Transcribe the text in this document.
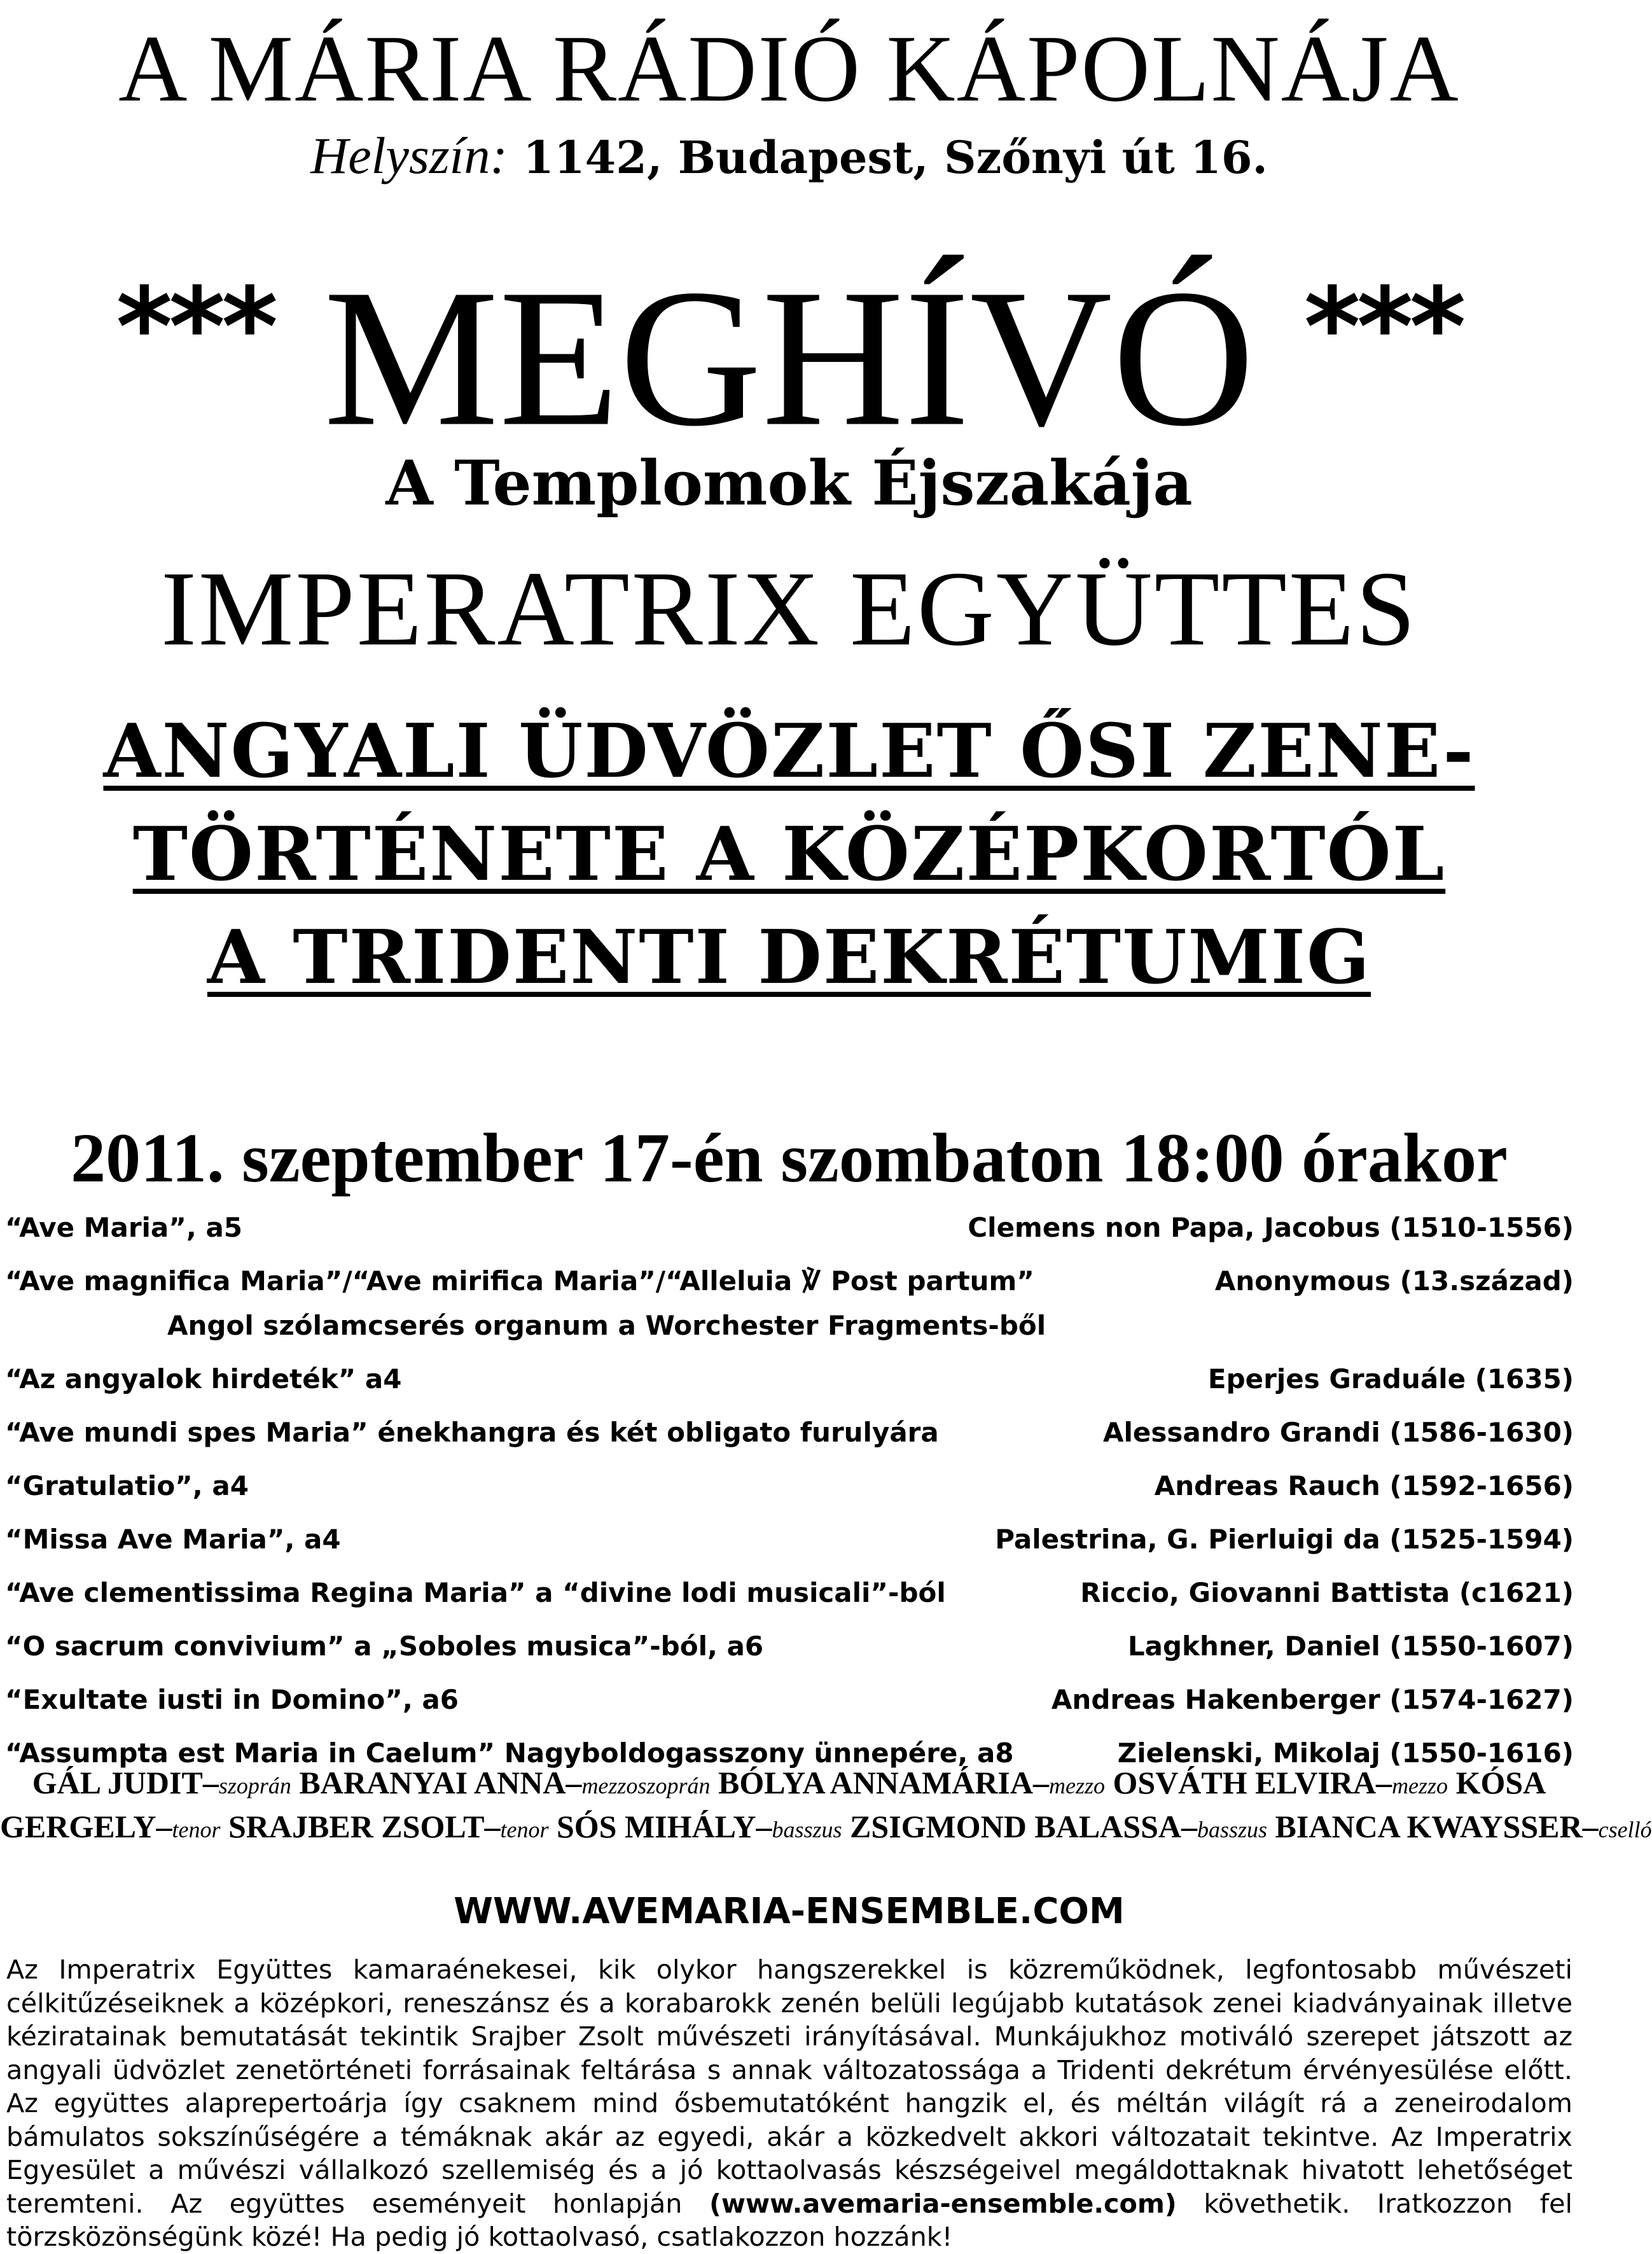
A MÁRIA RÁDIÓ KÁPOLNÁJA
Helyszín: 1142, Budapest, Szőnyi út 16.
*** MEGHÍVÓ ***
A Templomok Éjszakája
IMPERATRIX EGYÜTTES
ANGYALI ÜDVÖZLET ŐSI ZENE-
TÖRTÉNETE A KÖZÉPKORTÓL
A TRIDENTI DEKRÉTUMIG
2011. szeptember 17-én szombaton 18:00 órakor
“Ave Maria”, a5	Clemens non Papa, Jacobus (1510-1556)
“Ave magnifica Maria”/“Ave mirifica Maria”/“Alleluia ℣ Post partum”	Anonymous (13.század)
Angol szólamcserés organum a Worchester Fragments-ből
“Az angyalok hirdeték” a4	Eperjes Graduále (1635)
“Ave mundi spes Maria” énekhangra és két obligato furulyára	Alessandro Grandi (1586-1630)
“Gratulatio”, a4	Andreas Rauch (1592-1656)
“Missa Ave Maria”, a4	Palestrina, G. Pierluigi da (1525-1594)
“Ave clementissima Regina Maria” a “divine lodi musicali”-ból	Riccio, Giovanni Battista (c1621)
“O sacrum convivium” a „Soboles musica”-ból, a6	Lagkhner, Daniel (1550-1607)
“Exultate iusti in Domino”, a6	Andreas Hakenberger (1574-1627)
“Assumpta est Maria in Caelum” Nagyboldogasszony ünnepére, a8	Zielenski, Mikolaj (1550-1616)
GÁL JUDIT–szoprán BARANYAI ANNA–mezzoszoprán BÓLYA ANNAMÁRIA–mezzo OSVÁTH ELVIRA–mezzo KÓSA
GERGELY–tenor SRAJBER ZSOLT–tenor SÓS MIHÁLY–basszus ZSIGMOND BALASSA–basszus BIANCA KWAYSSER–cselló
WWW.AVEMARIA-ENSEMBLE.COM

Az Imperatrix Együttes kamaraénekesei, kik olykor hangszerekkel is közreműködnek, legfontosabb művészeti célkitűzéseiknek a középkori, reneszánsz és a korabarokk zenén belüli legújabb kutatások zenei kiadványainak illetve kéziratainak bemutatását tekintik Srajber Zsolt művészeti irányításával. Munkájukhoz motiváló szerepet játszott az angyali üdvözlet zenetörténeti forrásainak feltárása s annak változatossága a Tridenti dekrétum érvényesülése előtt. Az együttes alaprepertoárja így csaknem mind ősbemutatóként hangzik el, és méltán világít rá a zeneirodalom bámulatos sokszínűségére a témáknak akár az egyedi, akár a közkedvelt akkori változatait tekintve. Az Imperatrix Egyesület a művészi vállalkozó szellemiség és a jó kottaolvasás készségeivel megáldottaknak hivatott lehetőséget teremteni. Az együttes eseményeit honlapján (www.avemaria-ensemble.com) követhetik. Iratkozzon fel törzsközönségünk közé! Ha pedig jó kottaolvasó, csatlakozzon hozzánk!
